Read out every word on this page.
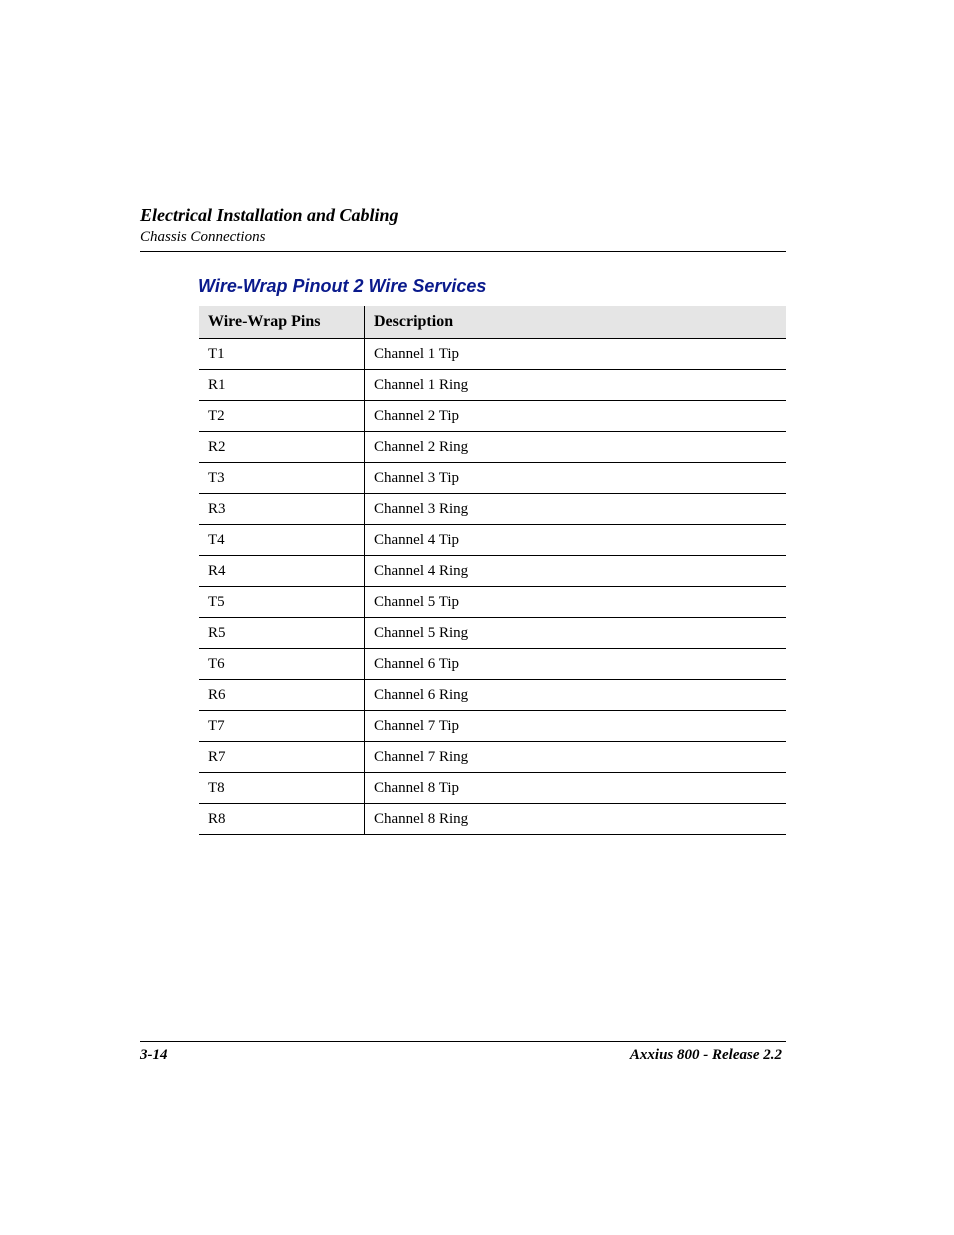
Electrical Installation and Cabling
Chassis Connections
Wire-Wrap Pinout 2 Wire Services
Wire-Wrap Pins	Description
T1	Channel 1 Tip
R1	Channel 1 Ring
T2	Channel 2 Tip
R2	Channel 2 Ring
T3	Channel 3 Tip
R3	Channel 3 Ring
T4	Channel 4 Tip
R4	Channel 4 Ring
T5	Channel 5 Tip
R5	Channel 5 Ring
T6	Channel 6 Tip
R6	Channel 6 Ring
T7	Channel 7 Tip
R7	Channel 7 Ring
T8	Channel 8 Tip
R8	Channel 8 Ring
3-14	Axxius 800 - Release 2.2
